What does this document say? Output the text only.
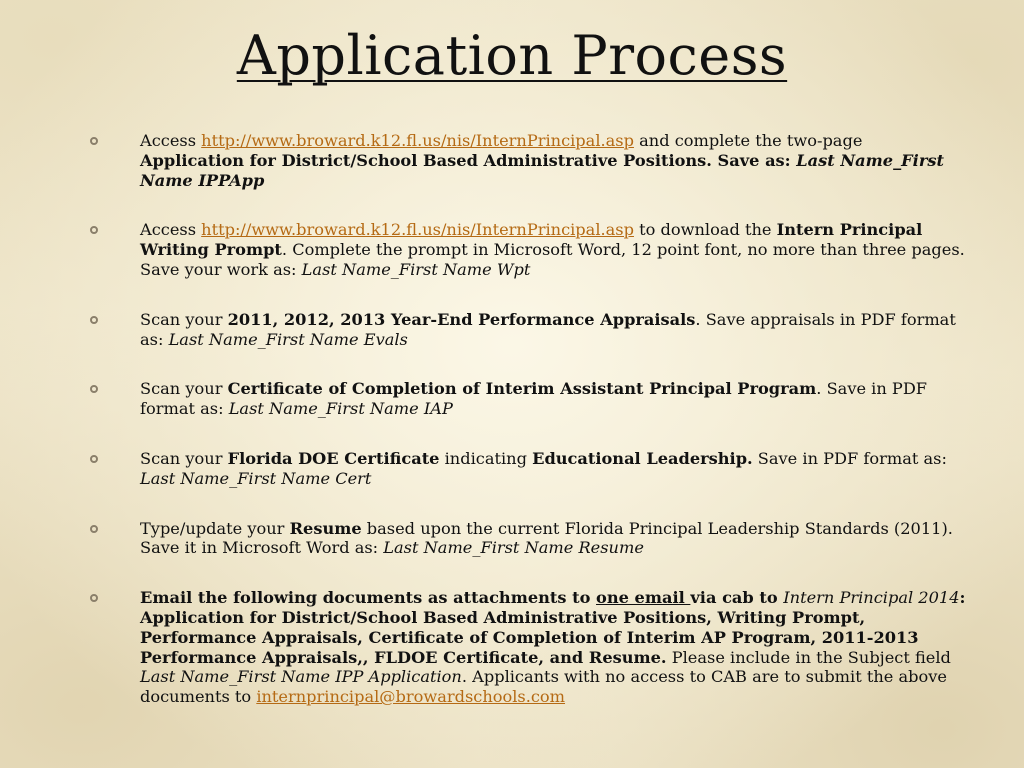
Application Process
Access http://www.broward.k12.fl.us/nis/InternPrincipal.asp and complete the two-page Application for District/School Based Administrative Positions. Save as: Last Name_First Name IPPApp
Access http://www.broward.k12.fl.us/nis/InternPrincipal.asp to download the Intern Principal Writing Prompt. Complete the prompt in Microsoft Word, 12 point font, no more than three pages. Save your work as: Last Name_First Name Wpt
Scan your 2011, 2012, 2013 Year-End Performance Appraisals. Save appraisals in PDF format as: Last Name_First Name Evals
Scan your Certificate of Completion of Interim Assistant Principal Program. Save in PDF format as: Last Name_First Name IAP
Scan your Florida DOE Certificate indicating Educational Leadership. Save in PDF format as: Last Name_First Name Cert
Type/update your Resume based upon the current Florida Principal Leadership Standards (2011). Save it in Microsoft Word as: Last Name_First Name Resume
Email the following documents as attachments to one email via cab to Intern Principal 2014: Application for District/School Based Administrative Positions, Writing Prompt, Performance Appraisals, Certificate of Completion of Interim AP Program, 2011-2013 Performance Appraisals,, FLDOE Certificate, and Resume. Please include in the Subject field Last Name_First Name IPP Application. Applicants with no access to CAB are to submit the above documents to internprincipal@browardschools.com
